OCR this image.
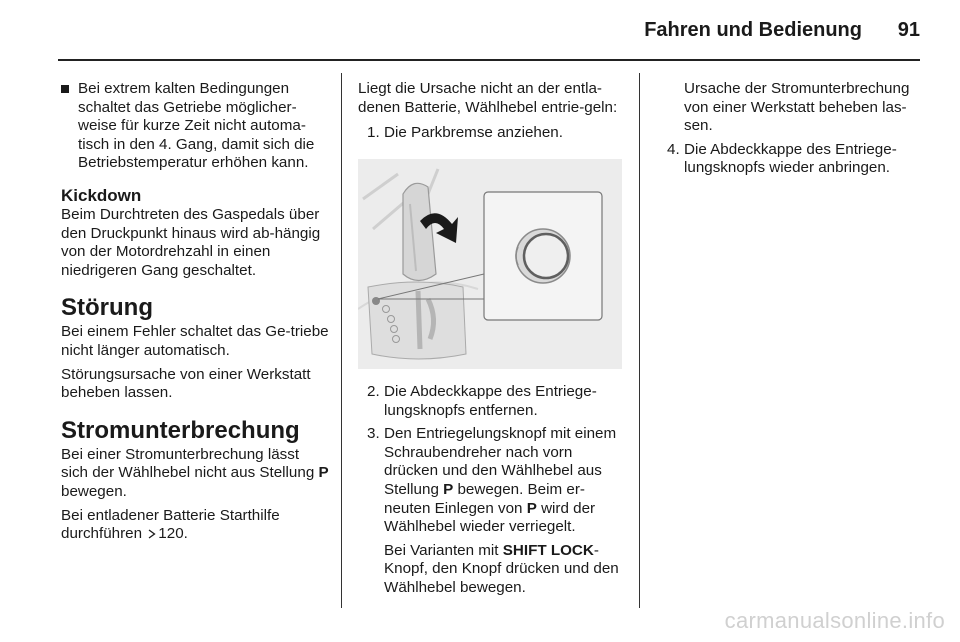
Fahren und Bedienung	91

Bei extrem kalten Bedingungen schaltet das Getriebe möglicher-weise für kurze Zeit nicht automa-tisch in den 4. Gang, damit sich die Betriebstemperatur erhöhen kann.

Kickdown

Beim Durchtreten des Gaspedals über den Druckpunkt hinaus wird ab-hängig von der Motordrehzahl in einen niedrigeren Gang geschaltet.

Störung

Bei einem Fehler schaltet das Ge-triebe nicht länger automatisch.

Störungsursache von einer Werkstatt beheben lassen.

Stromunterbrechung

Bei einer Stromunterbrechung lässt sich der Wählhebel nicht aus Stellung P bewegen.

Bei entladener Batterie Starthilfe durchführen 120.

Liegt die Ursache nicht an der entla-denen Batterie, Wählhebel entrie-geln:

1. Die Parkbremse anziehen.
2. Die Abdeckkappe des Entriege-lungsknopfs entfernen.
3. Den Entriegelungsknopf mit einem Schraubendreher nach vorn drücken und den Wählhebel aus Stellung P bewegen. Beim er-neuten Einlegen von P wird der Wählhebel wieder verriegelt.

Bei Varianten mit SHIFT LOCK-Knopf, den Knopf drücken und den Wählhebel bewegen.

Ursache der Stromunterbrechung von einer Werkstatt beheben las-sen.

4. Die Abdeckkappe des Entriege-lungsknopfs wieder anbringen.
carmanualsonline.info
